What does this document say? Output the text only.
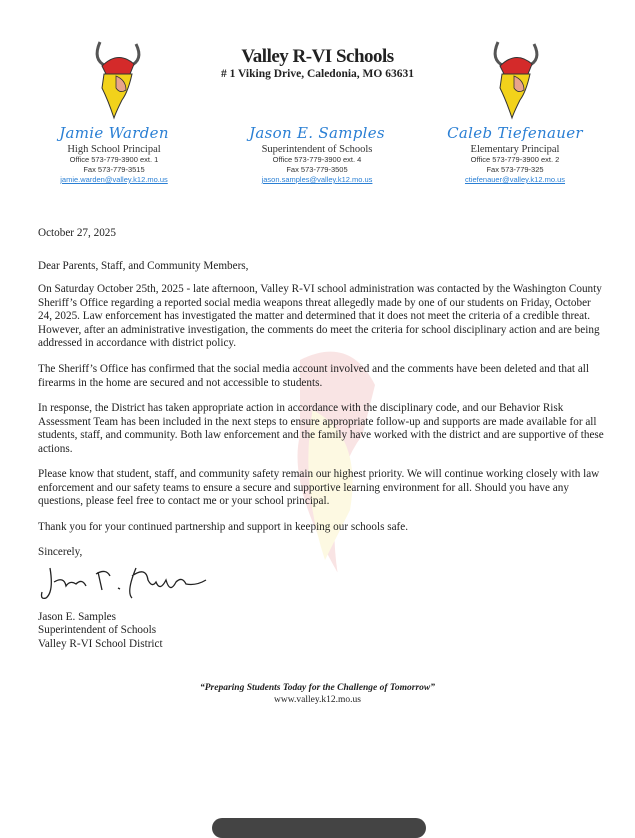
Valley R-VI Schools
# 1 Viking Drive, Caledonia, MO 63631
Jamie Warden
High School Principal
Office 573-779-3900 ext. 1
Fax 573-779-3515
jamie.warden@valley.k12.mo.us
Jason E. Samples
Superintendent of Schools
Office 573-779-3900 ext. 4
Fax 573-779-3505
jason.samples@valley.k12.mo.us
Caleb Tiefenauer
Elementary Principal
Office 573-779-3900 ext. 2
Fax 573-779-325
ctiefenauer@valley.k12.mo.us
October 27, 2025
Dear Parents, Staff, and Community Members,

On Saturday October 25th, 2025 - late afternoon, Valley R-VI school administration was contacted by the Washington County Sheriff’s Office regarding a reported social media weapons threat allegedly made by one of our students on Friday, October 24, 2025. Law enforcement has investigated the matter and determined that it does not meet the criteria of a credible threat. However, after an administrative investigation, the comments do meet the criteria for school disciplinary action and are being addressed in accordance with district policy.

The Sheriff’s Office has confirmed that the social media account involved and the comments have been deleted and that all firearms in the home are secured and not accessible to students.

In response, the District has taken appropriate action in accordance with the disciplinary code, and our Behavior Risk Assessment Team has been included in the next steps to ensure appropriate follow-up and supports are made available for all students, staff, and community. Both law enforcement and the family have worked with the district and are supportive of these actions.

Please know that student, staff, and community safety remain our highest priority. We will continue working closely with law enforcement and our safety teams to ensure a secure and supportive learning environment for all. Should you have any questions, please feel free to contact me or your school principal.

Thank you for your continued partnership and support in keeping our schools safe.

Sincerely,
Jason E. Samples
Superintendent of Schools
Valley R-VI School District
“Preparing Students Today for the Challenge of Tomorrow”
www.valley.k12.mo.us
